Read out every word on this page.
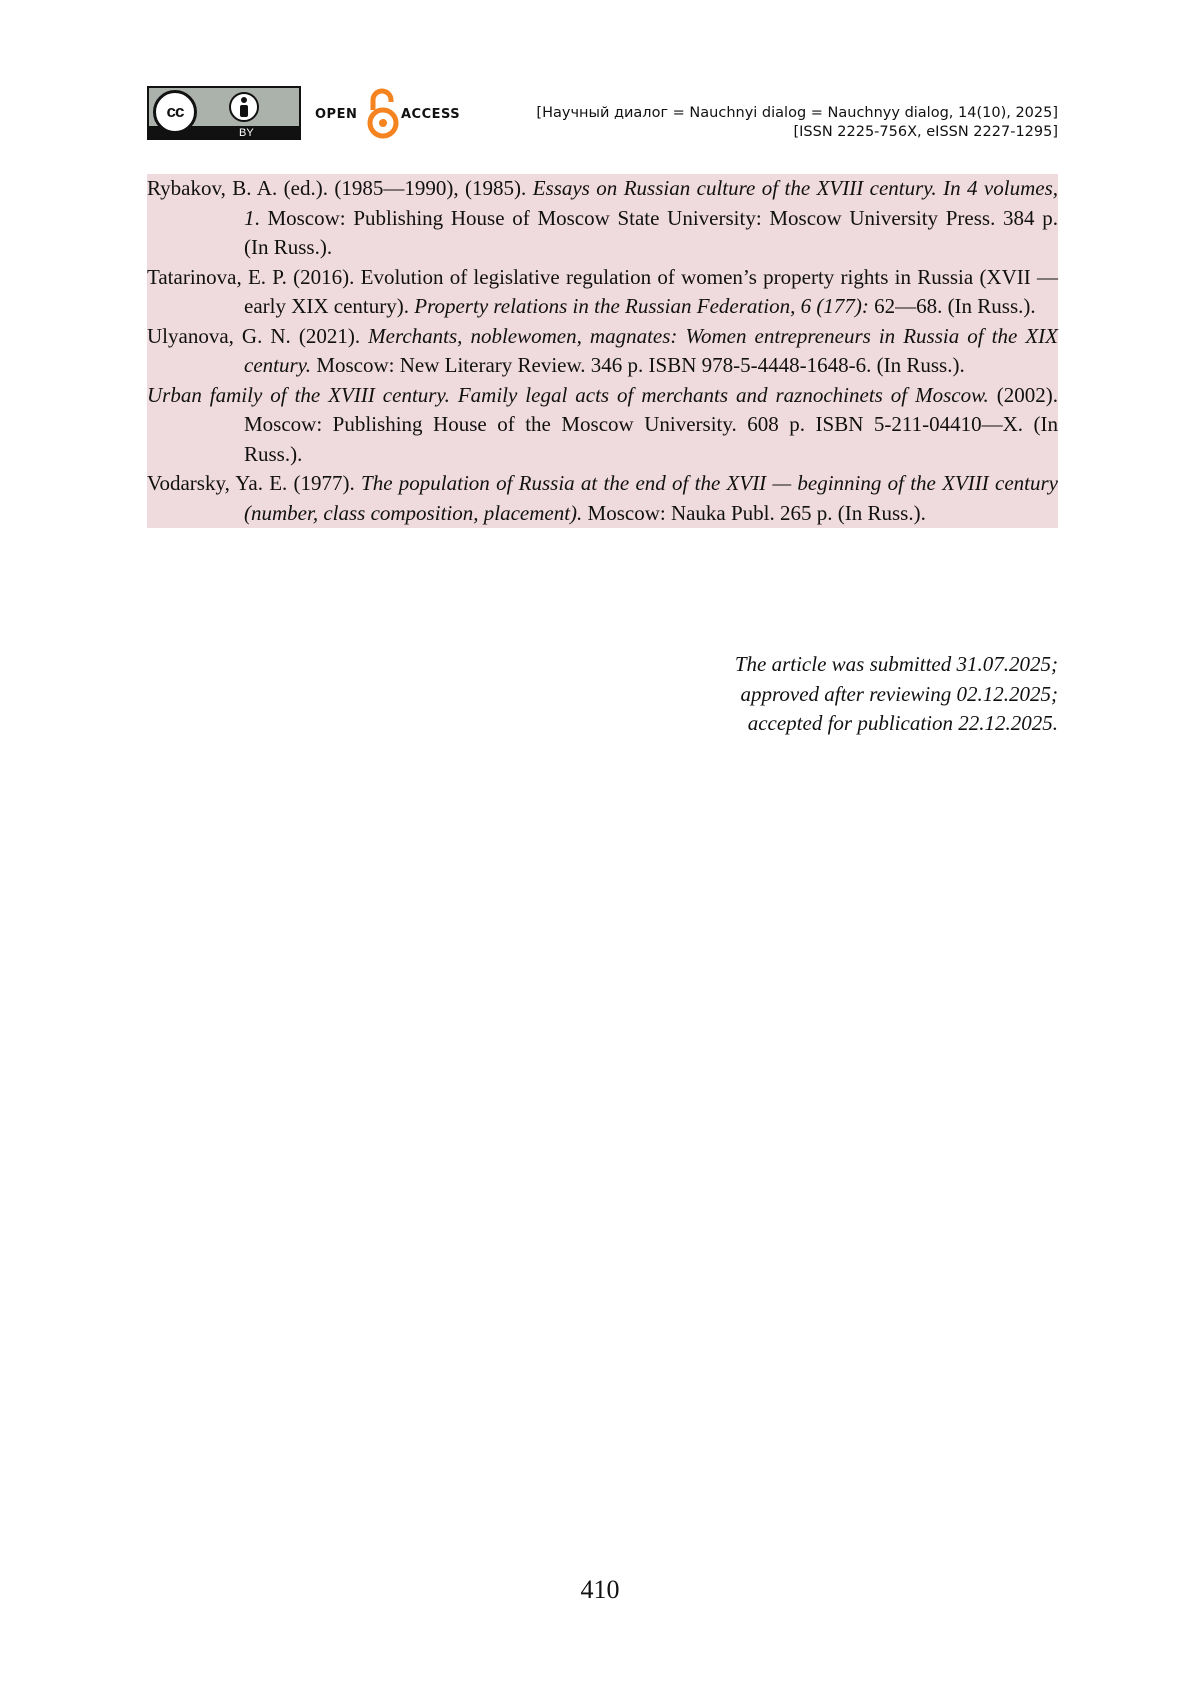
cc
BY
OPEN	ACCESS	[Научный диалог = Nauchnyi dialog = Nauchnyy dialog, 14(10), 2025]
[ISSN 2225-756X, eISSN 2227-1295]

Rybakov, B. A. (ed.). (1985—1990), (1985). Essays on Russian culture of the XVIII century. In 4 volumes, 1. Moscow: Publishing House of Moscow State University: Moscow University Press. 384 p. (In Russ.).

Tatarinova, E. P. (2016). Evolution of legislative regulation of women’s property rights in Russia (XVII — early XIX century). Property relations in the Russian Federation, 6 (177): 62—68. (In Russ.).

Ulyanova, G. N. (2021). Merchants, noblewomen, magnates: Women entrepreneurs in Russia of the XIX century. Moscow: New Literary Review. 346 p. ISBN 978-5-4448-1648-6. (In Russ.).

Urban family of the XVIII century. Family legal acts of merchants and raznochinets of Moscow. (2002). Moscow: Publishing House of the Moscow University. 608 p. ISBN 5-211-04410—X. (In Russ.).

Vodarsky, Ya. E. (1977). The population of Russia at the end of the XVII — beginning of the XVIII century (number, class composition, placement). Moscow: Nauka Publ. 265 p. (In Russ.).

The article was submitted 31.07.2025;
approved after reviewing 02.12.2025;
accepted for publication 22.12.2025.
410
